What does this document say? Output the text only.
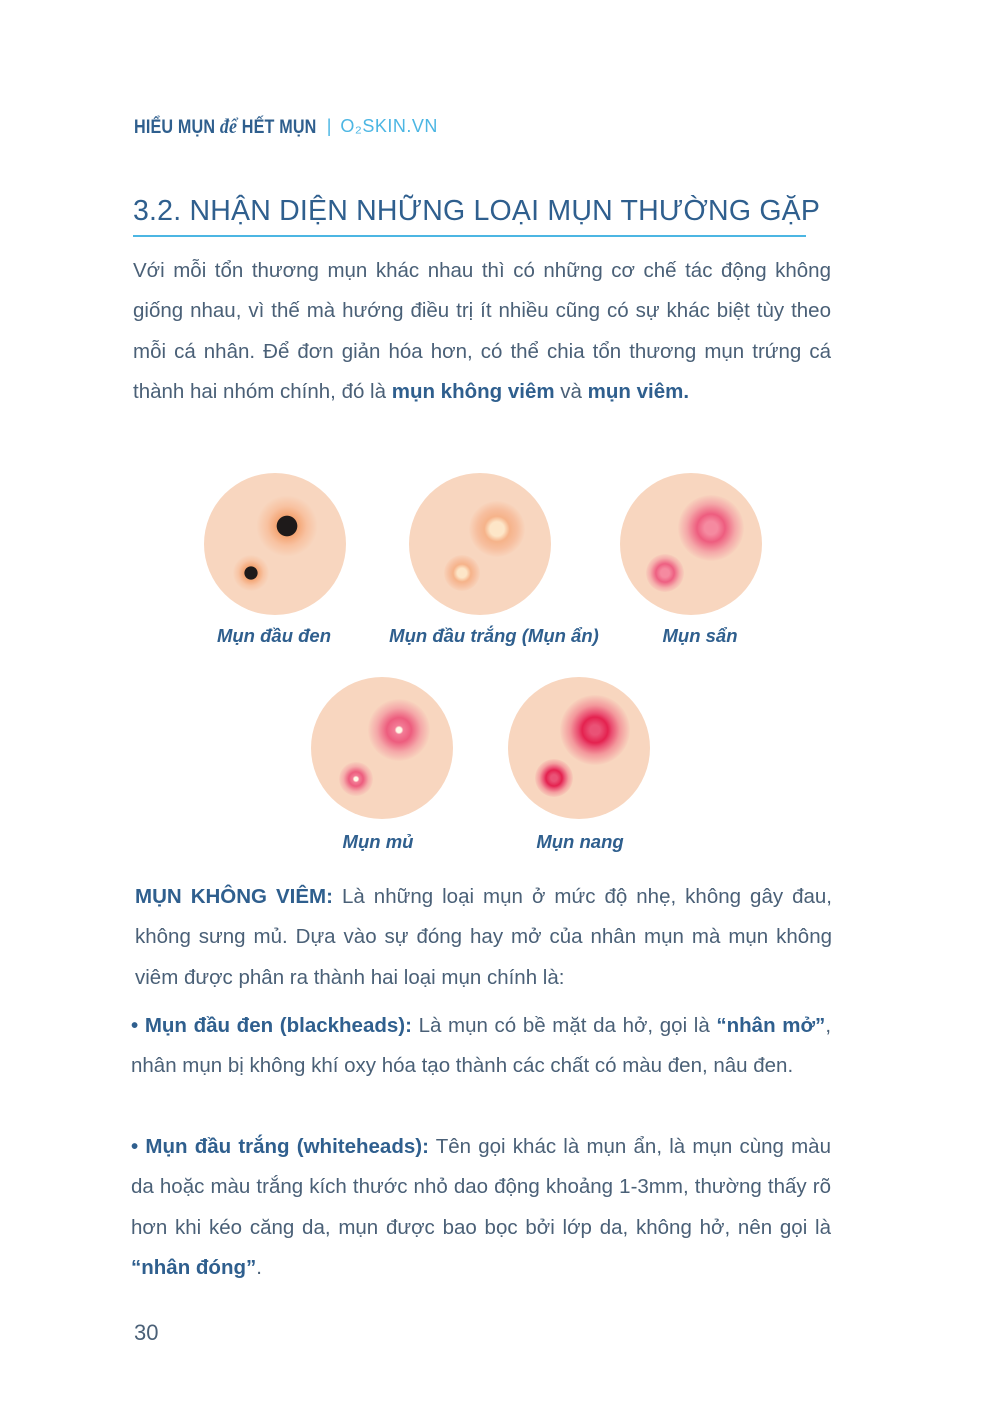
HIỂU MỤN để HẾT MỤN | O₂SKIN.VN
3.2. NHẬN DIỆN NHỮNG LOẠI MỤN THƯỜNG GẶP
Với mỗi tổn thương mụn khác nhau thì có những cơ chế tác động không giống nhau, vì thế mà hướng điều trị ít nhiều cũng có sự khác biệt tùy theo mỗi cá nhân. Để đơn giản hóa hơn, có thể chia tổn thương mụn trứng cá thành hai nhóm chính, đó là mụn không viêm và mụn viêm.
Mụn đầu đen	Mụn đầu trắng (Mụn ẩn)	Mụn sẩn
Mụn mủ	Mụn nang
MỤN KHÔNG VIÊM: Là những loại mụn ở mức độ nhẹ, không gây đau, không sưng mủ. Dựa vào sự đóng hay mở của nhân mụn mà mụn không viêm được phân ra thành hai loại mụn chính là:
• Mụn đầu đen (blackheads): Là mụn có bề mặt da hở, gọi là “nhân mở”, nhân mụn bị không khí oxy hóa tạo thành các chất có màu đen, nâu đen.
• Mụn đầu trắng (whiteheads): Tên gọi khác là mụn ẩn, là mụn cùng màu da hoặc màu trắng kích thước nhỏ dao động khoảng 1-3mm, thường thấy rõ hơn khi kéo căng da, mụn được bao bọc bởi lớp da, không hở, nên gọi là “nhân đóng”.
30
